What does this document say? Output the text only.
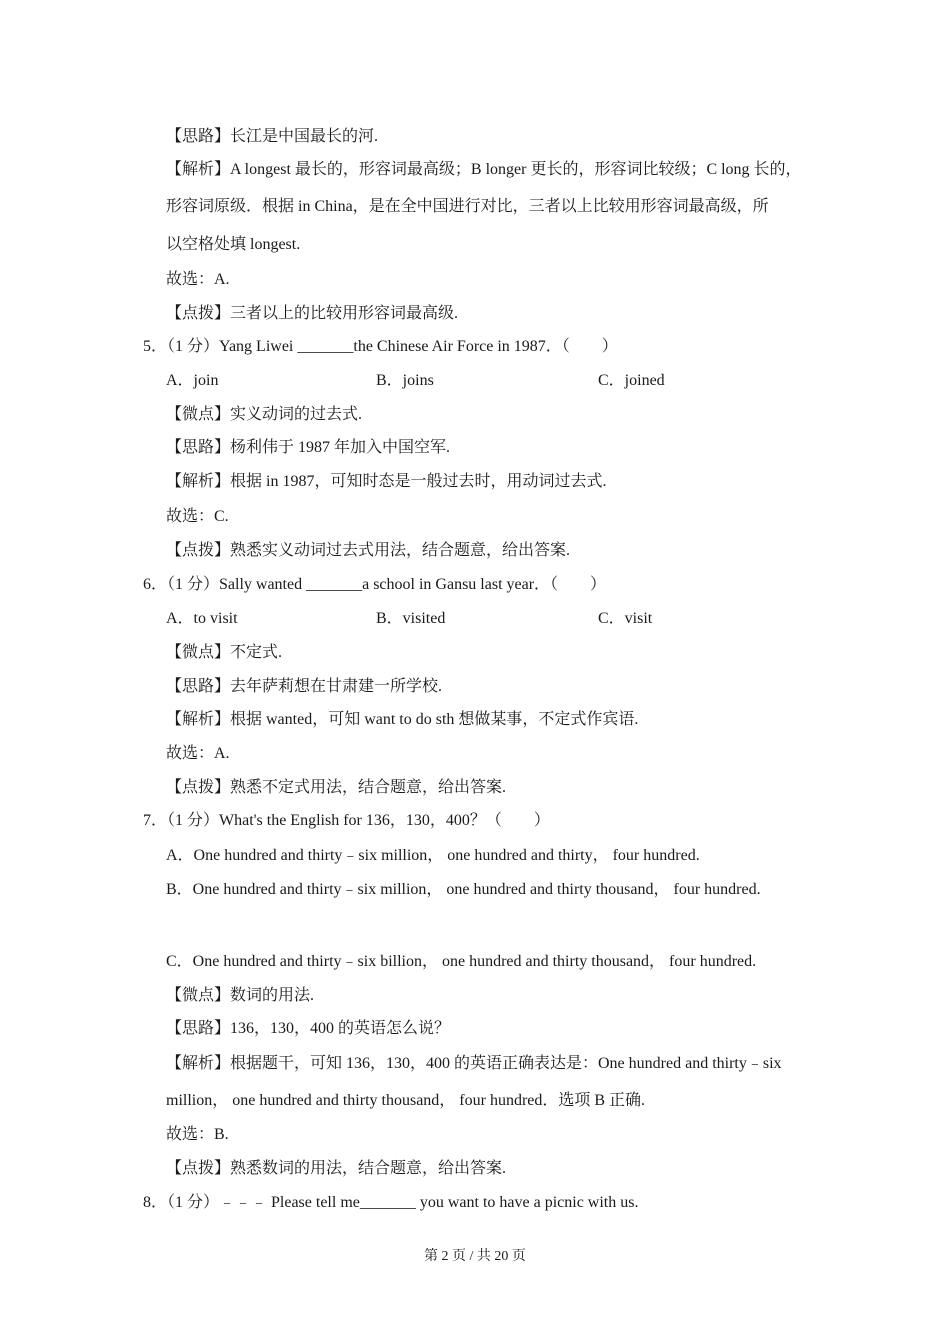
【思路】长江是中国最长的河.
【解析】A longest 最长的，形容词最高级；B longer 更长的，形容词比较级；C long 长的，
形容词原级．根据 in China，是在全中国进行对比，三者以上比较用形容词最高级，所
以空格处填 longest.
故选：A.
【点拨】三者以上的比较用形容词最高级.
5．（1 分）Yang Liwei _______the Chinese Air Force in 1987．（　　）
A．join	B．joins	C．joined
【微点】实义动词的过去式.
【思路】杨利伟于 1987 年加入中国空军.
【解析】根据 in 1987，可知时态是一般过去时，用动词过去式.
故选：C.
【点拨】熟悉实义动词过去式用法，结合题意，给出答案.
6．（1 分）Sally wanted _______a school in Gansu last year．（　　）
A．to visit	B．visited	C．visit
【微点】不定式.
【思路】去年萨莉想在甘肃建一所学校.
【解析】根据 wanted，可知 want to do sth 想做某事，不定式作宾语.
故选：A.
【点拨】熟悉不定式用法，结合题意，给出答案.
7．（1 分）What's the English for 136，130，400？（　　）
A．One hundred and thirty﹣six million， one hundred and thirty， four hundred.
B．One hundred and thirty﹣six million， one hundred and thirty thousand， four hundred.
C．One hundred and thirty﹣six billion， one hundred and thirty thousand， four hundred.
【微点】数词的用法.
【思路】136，130，400 的英语怎么说？
【解析】根据题干，可知 136，130，400 的英语正确表达是：One hundred and thirty﹣six
million， one hundred and thirty thousand， four hundred．选项 B 正确.
故选：B.
【点拨】熟悉数词的用法，结合题意，给出答案.
8．（1 分）﹣﹣﹣ Please tell me_______ you want to have a picnic with us.
第 2 页 / 共 20 页
